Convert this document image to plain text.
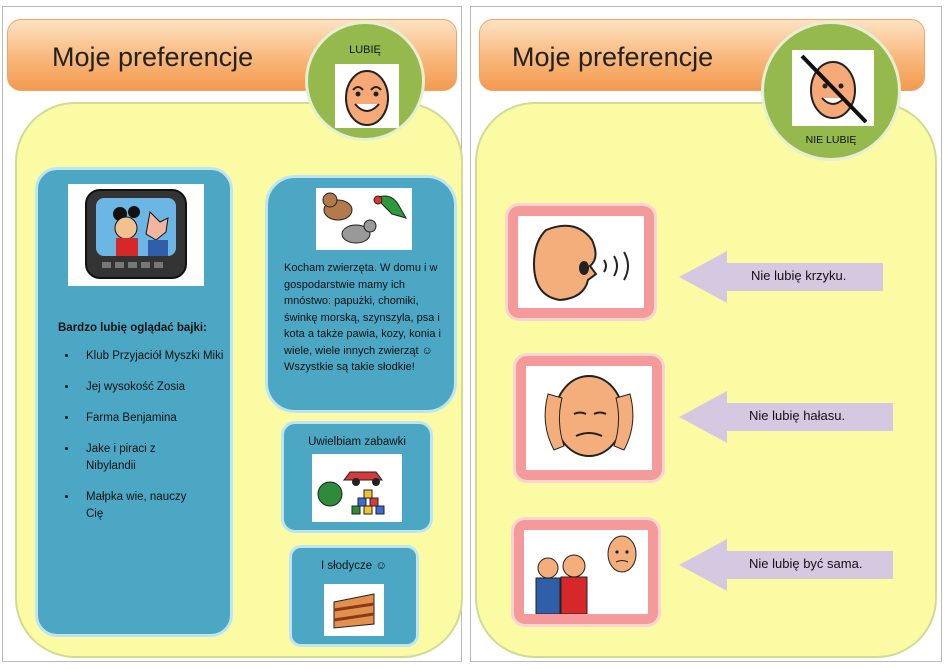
Moje preferencje	LUBIĘ
Bardzo lubię oglądać bajki:
• Klub Przyjaciół Myszki Miki
• Jej wysokość Zosia
• Farma Benjamina
• Jake i piraci z Nibylandii
• Małpka wie, nauczy Cię
Kocham zwierzęta. W domu i w gospodarstwie mamy ich mnóstwo: papużki, chomiki, świnkę morską, szynszyla, psa i kota a także pawia, kozy, konia i wiele, wiele innych zwierząt ☺ Wszystkie są takie słodkie!
Uwielbiam zabawki
I słodycze ☺
Moje preferencje
NIE LUBIĘ
Nie lubię krzyku.
Nie lubię hałasu.
Nie lubię być sama.
